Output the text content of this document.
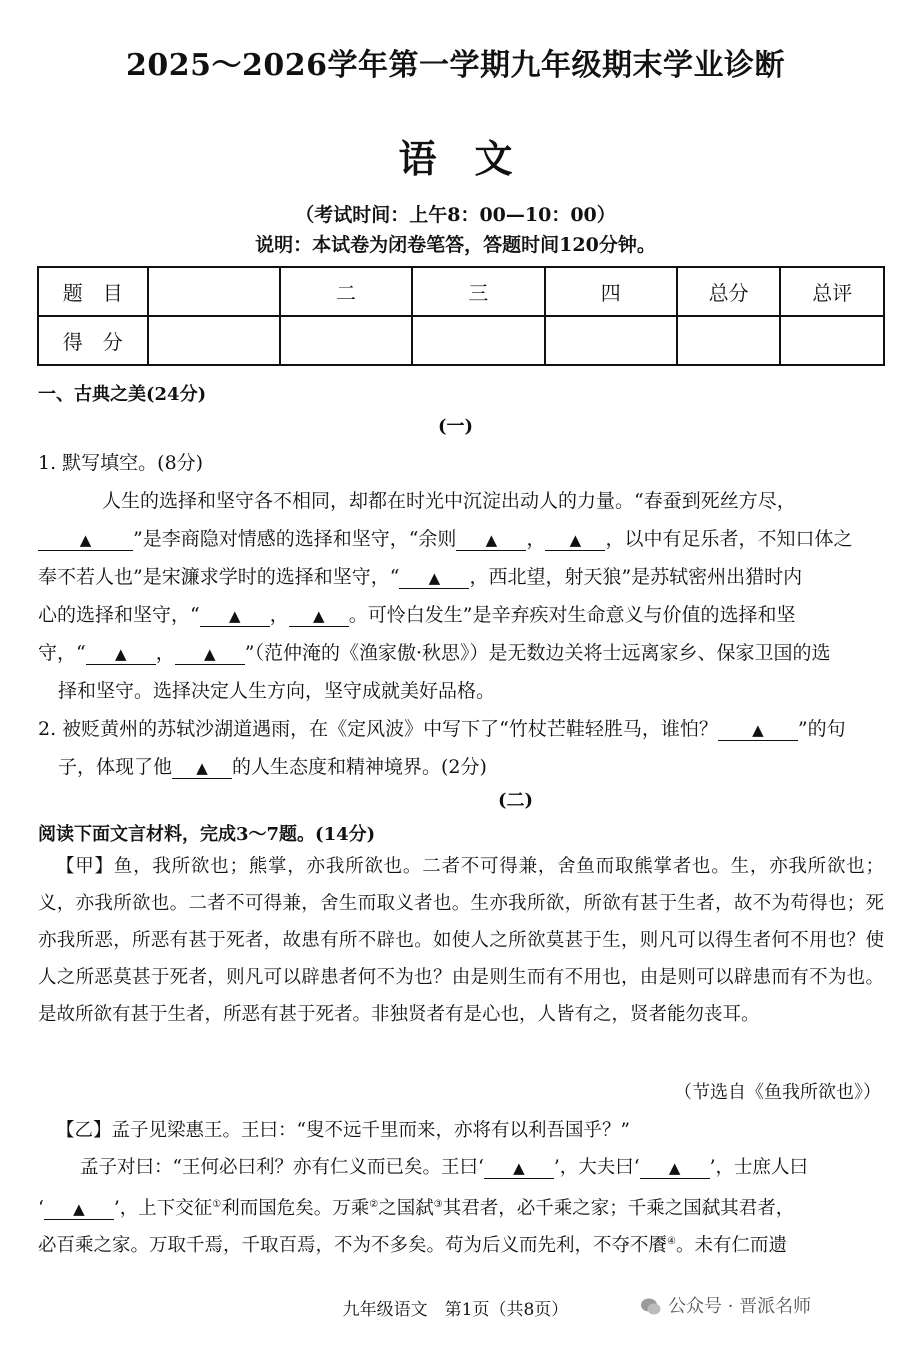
2025～2026学年第一学期九年级期末学业诊断
语文
（考试时间：上午8：00—10：00）
说明：本试卷为闭卷笔答，答题时间120分钟。
题　目		二	三	四	总分	总评
得　分						
一、古典之美(24分)
(一)
1. 默写填空。(8分)
人生的选择和坚守各不相同，却都在时光中沉淀出动人的力量。“春蚕到死丝方尽，
▲ ”是李商隐对情感的选择和坚守，“余则 ▲ ， ▲ ，以中有足乐者，不知口体之
奉不若人也”是宋濂求学时的选择和坚守，“ ▲ ，西北望，射天狼”是苏轼密州出猎时内
心的选择和坚守，“ ▲ ， ▲ 。可怜白发生”是辛弃疾对生命意义与价值的选择和坚
守，“ ▲ ， ▲ ”（范仲淹的《渔家傲·秋思》）是无数边关将士远离家乡、保家卫国的选
择和坚守。选择决定人生方向，坚守成就美好品格。
2. 被贬黄州的苏轼沙湖道遇雨，在《定风波》中写下了“竹杖芒鞋轻胜马，谁怕？ ▲ ”的句
子，体现了他 ▲ 的人生态度和精神境界。(2分)
(二)
阅读下面文言材料，完成3～7题。(14分)
【甲】鱼，我所欲也；熊掌，亦我所欲也。二者不可得兼，舍鱼而取熊掌者也。生，亦我所欲也；义，亦我所欲也。二者不可得兼，舍生而取义者也。生亦我所欲，所欲有甚于生者，故不为苟得也；死亦我所恶，所恶有甚于死者，故患有所不辟也。如使人之所欲莫甚于生，则凡可以得生者何不用也？使人之所恶莫甚于死者，则凡可以辟患者何不为也？由是则生而有不用也，由是则可以辟患而有不为也。是故所欲有甚于生者，所恶有甚于死者。非独贤者有是心也，人皆有之，贤者能勿丧耳。
（节选自《鱼我所欲也》）
【乙】孟子见梁惠王。王曰：“叟不远千里而来，亦将有以利吾国乎？”
孟子对曰：“王何必曰利？亦有仁义而已矣。王曰‘ ▲ ’，大夫曰‘ ▲ ’，士庶人曰
‘ ▲ ’，上下交征①利而国危矣。万乘②之国弑③其君者，必千乘之家；千乘之国弑其君者，
必百乘之家。万取千焉，千取百焉，不为不多矣。苟为后义而先利，不夺不餍④。未有仁而遗
九年级语文　第1页（共8页）	公众号 · 晋派名师
